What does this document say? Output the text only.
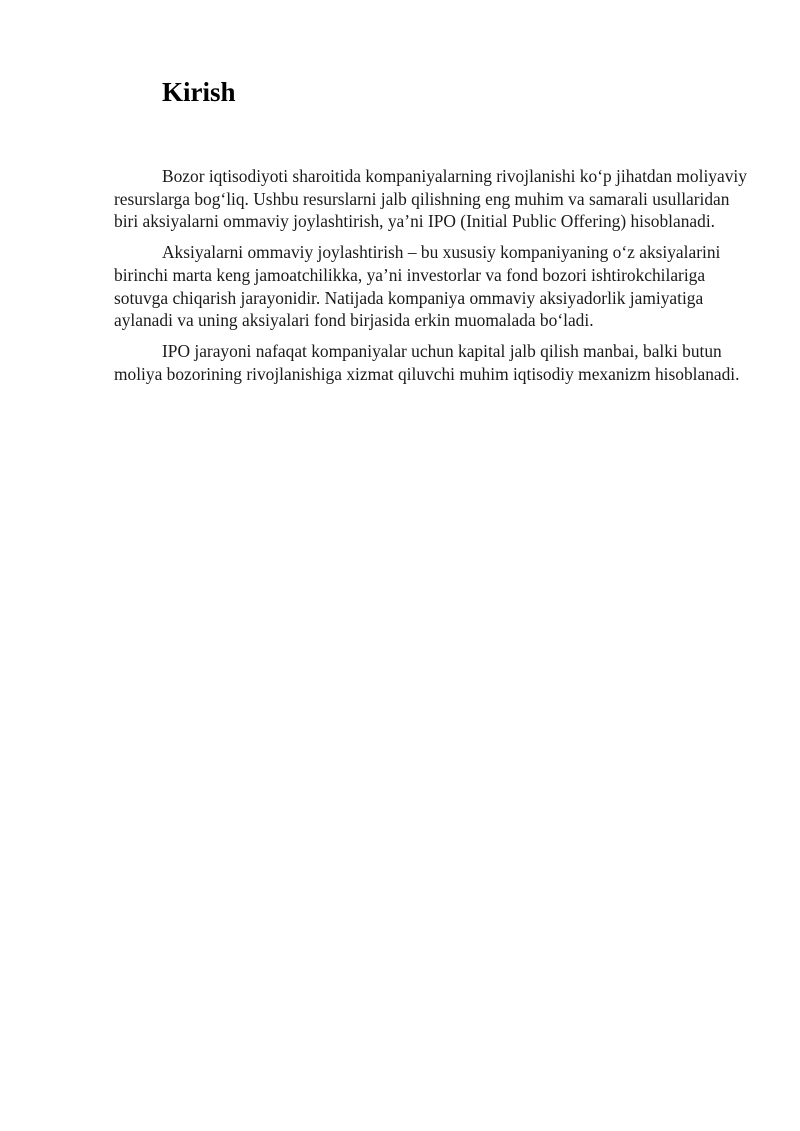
Kirish

Bozor iqtisodiyoti sharoitida kompaniyalarning rivojlanishi ko‘p jihatdan moliyaviy resurslarga bog‘liq. Ushbu resurslarni jalb qilishning eng muhim va samarali usullaridan biri aksiyalarni ommaviy joylashtirish, ya’ni IPO (Initial Public Offering) hisoblanadi.

Aksiyalarni ommaviy joylashtirish – bu xususiy kompaniyaning o‘z aksiyalarini birinchi marta keng jamoatchilikka, ya’ni investorlar va fond bozori ishtirokchilariga sotuvga chiqarish jarayonidir. Natijada kompaniya ommaviy aksiyadorlik jamiyatiga aylanadi va uning aksiyalari fond birjasida erkin muomalada bo‘ladi.

IPO jarayoni nafaqat kompaniyalar uchun kapital jalb qilish manbai, balki butun moliya bozorining rivojlanishiga xizmat qiluvchi muhim iqtisodiy mexanizm hisoblanadi.
